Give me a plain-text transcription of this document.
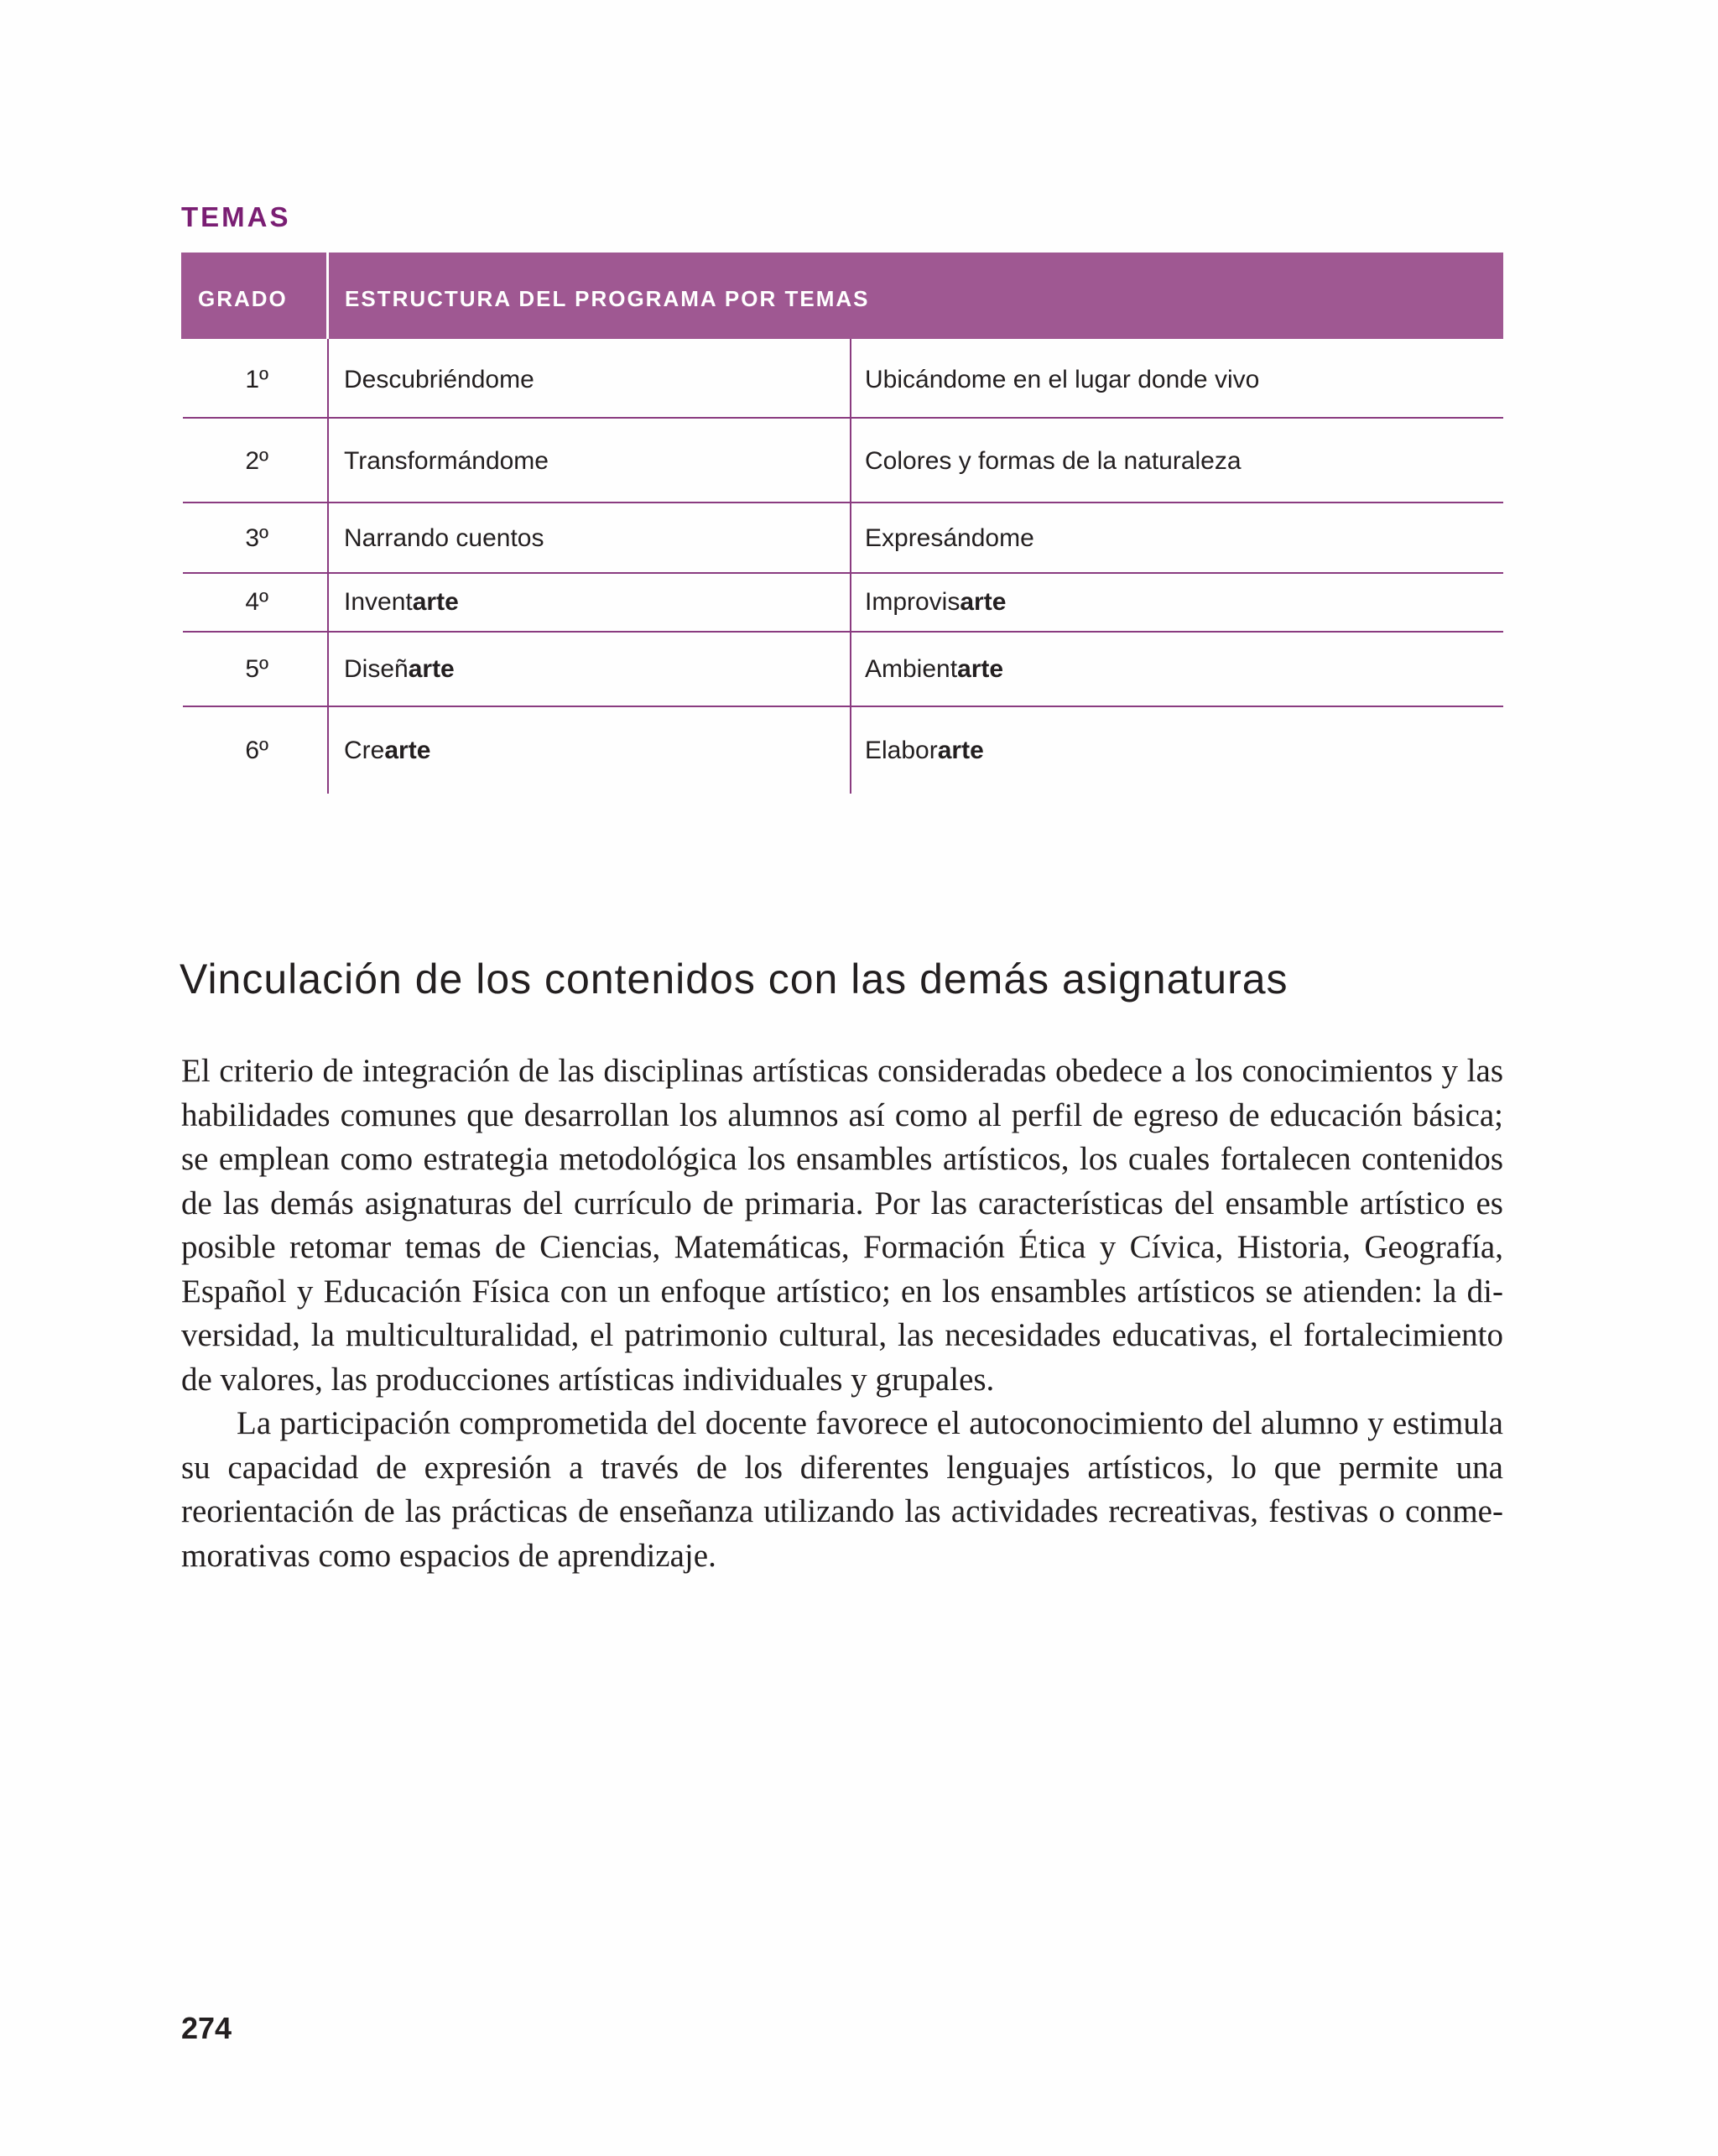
TEMAS
GRADO	ESTRUCTURA DEL PROGRAMA POR TEMAS
1º	Descubriéndome	Ubicándome en el lugar donde vivo
2º	Transformándome	Colores y formas de la naturaleza
3º	Narrando cuentos	Expresándome
4º	Inventarte	Improvisarte
5º	Diseñarte	Ambientarte
6º	Crearte	Elaborarte
Vinculación de los contenidos con las demás asignaturas

El criterio de integración de las disciplinas artísticas consideradas obedece a los conocimientos y las habilidades comunes que desarrollan los alumnos así como al perfil de egreso de educación básica; se emplean como estrategia metodológica los ensambles artísticos, los cuales fortalecen contenidos de las demás asignaturas del currículo de primaria. Por las características del ensamble artístico es posible retomar temas de Ciencias, Matemáticas, Formación Ética y Cívica, Historia, Geografía, Español y Educación Física con un enfoque artístico; en los ensambles artísticos se atienden: la diversidad, la multiculturalidad, el patrimonio cultural, las necesidades educativas, el fortalecimiento de valores, las producciones artísticas individuales y grupales.

La participación comprometida del docente favorece el autoconocimiento del alumno y estimula su capacidad de expresión a través de los diferentes lenguajes artísticos, lo que permite una reorientación de las prácticas de enseñanza utilizando las actividades recreativas, festivas o conmemorativas como espacios de aprendizaje.

274
